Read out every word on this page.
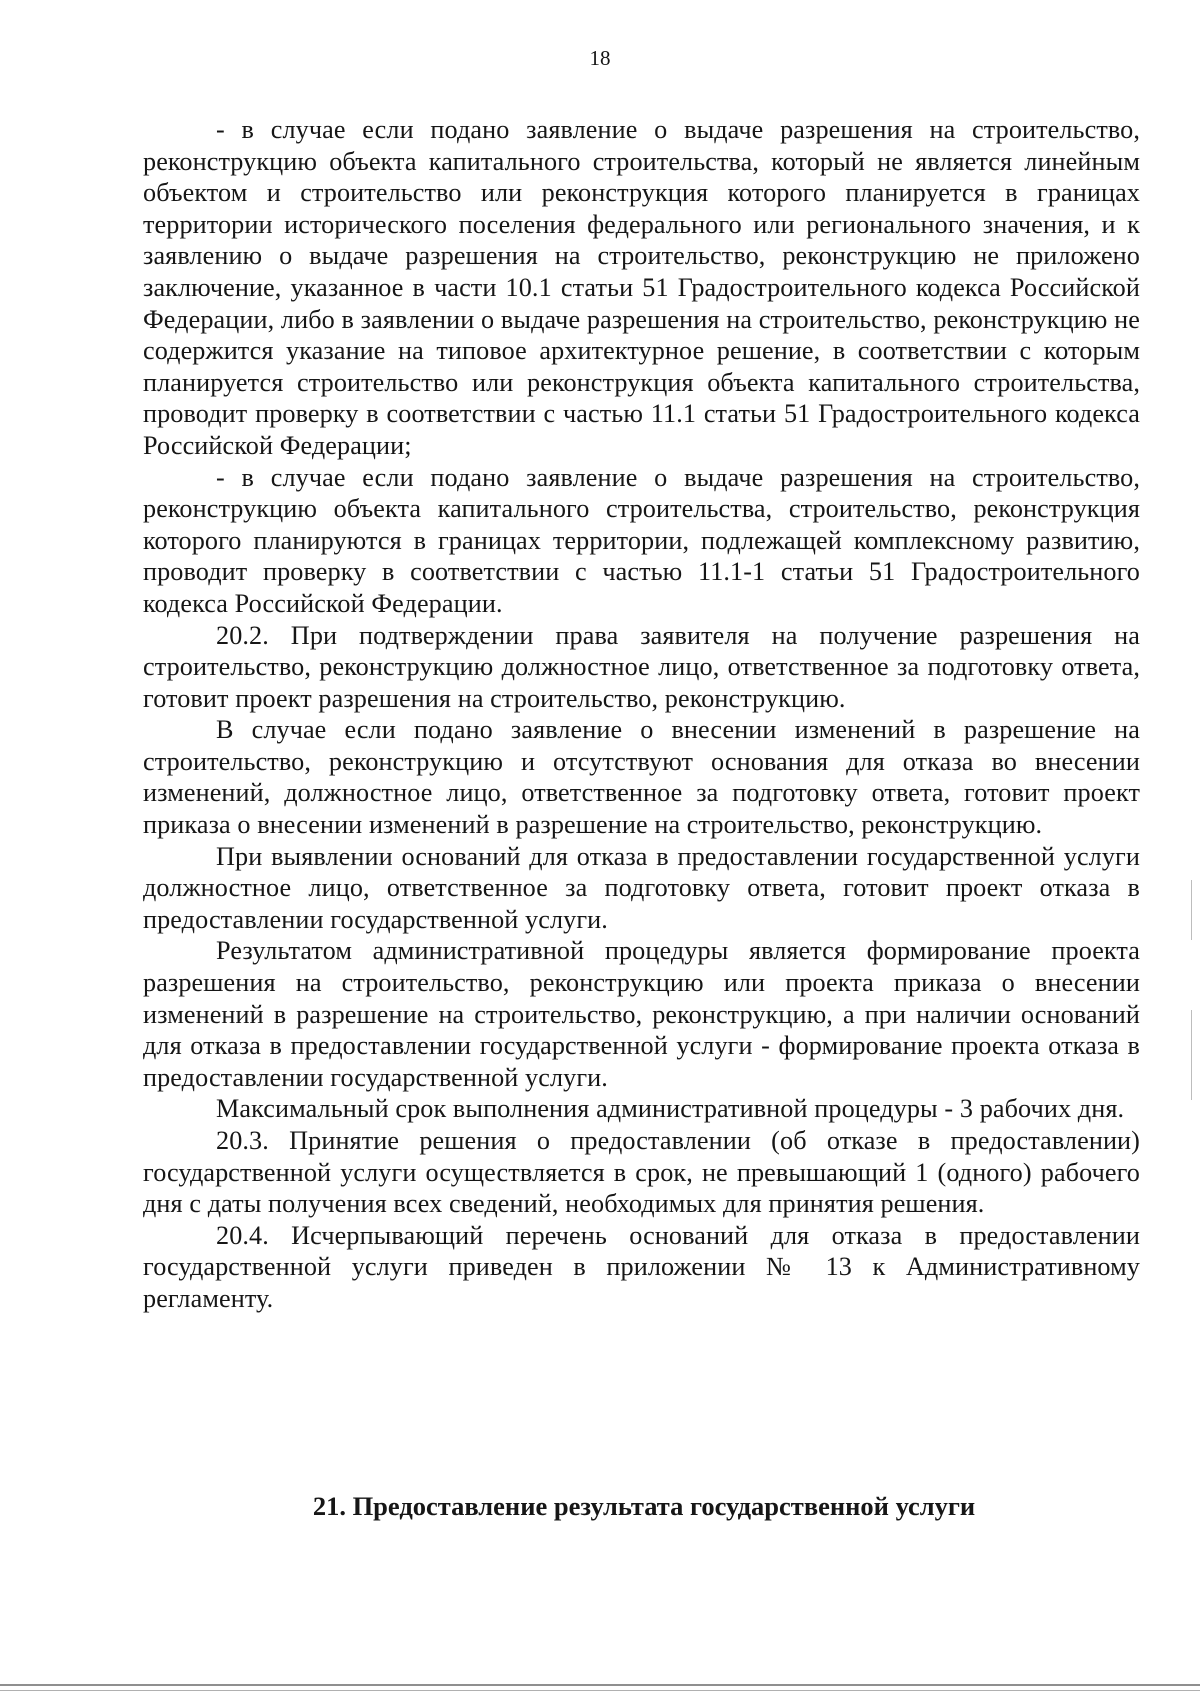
18

- в случае если подано заявление о выдаче разрешения на строительство, реконструкцию объекта капитального строительства, который не является линейным объектом и строительство или реконструкция которого планируется в границах территории исторического поселения федерального или регионального значения, и к заявлению о выдаче разрешения на строительство, реконструкцию не приложено заключение, указанное в части 10.1 статьи 51 Градостроительного кодекса Российской Федерации, либо в заявлении о выдаче разрешения на строительство, реконструкцию не содержится указание на типовое архитектурное решение, в соответствии с которым планируется строительство или реконструкция объекта капитального строительства, проводит проверку в соответствии с частью 11.1 статьи 51 Градостроительного кодекса Российской Федерации;

- в случае если подано заявление о выдаче разрешения на строительство, реконструкцию объекта капитального строительства, строительство, реконструкция которого планируются в границах территории, подлежащей комплексному развитию, проводит проверку в соответствии с частью 11.1-1 статьи 51 Градостроительного кодекса Российской Федерации.

20.2. При подтверждении права заявителя на получение разрешения на строительство, реконструкцию должностное лицо, ответственное за подготовку ответа, готовит проект разрешения на строительство, реконструкцию.

В случае если подано заявление о внесении изменений в разрешение на строительство, реконструкцию и отсутствуют основания для отказа во внесении изменений, должностное лицо, ответственное за подготовку ответа, готовит проект приказа о внесении изменений в разрешение на строительство, реконструкцию.

При выявлении оснований для отказа в предоставлении государственной услуги должностное лицо, ответственное за подготовку ответа, готовит проект отказа в предоставлении государственной услуги.

Результатом административной процедуры является формирование проекта разрешения на строительство, реконструкцию или проекта приказа о внесении изменений в разрешение на строительство, реконструкцию, а при наличии оснований для отказа в предоставлении государственной услуги - формирование проекта отказа в предоставлении государственной услуги.

Максимальный срок выполнения административной процедуры - 3 рабочих дня.

20.3. Принятие решения о предоставлении (об отказе в предоставлении) государственной услуги осуществляется в срок, не превышающий 1 (одного) рабочего дня с даты получения всех сведений, необходимых для принятия решения.

20.4. Исчерпывающий перечень оснований для отказа в предоставлении государственной услуги приведен в приложении № 13 к Административному регламенту.

21. Предоставление результата государственной услуги
